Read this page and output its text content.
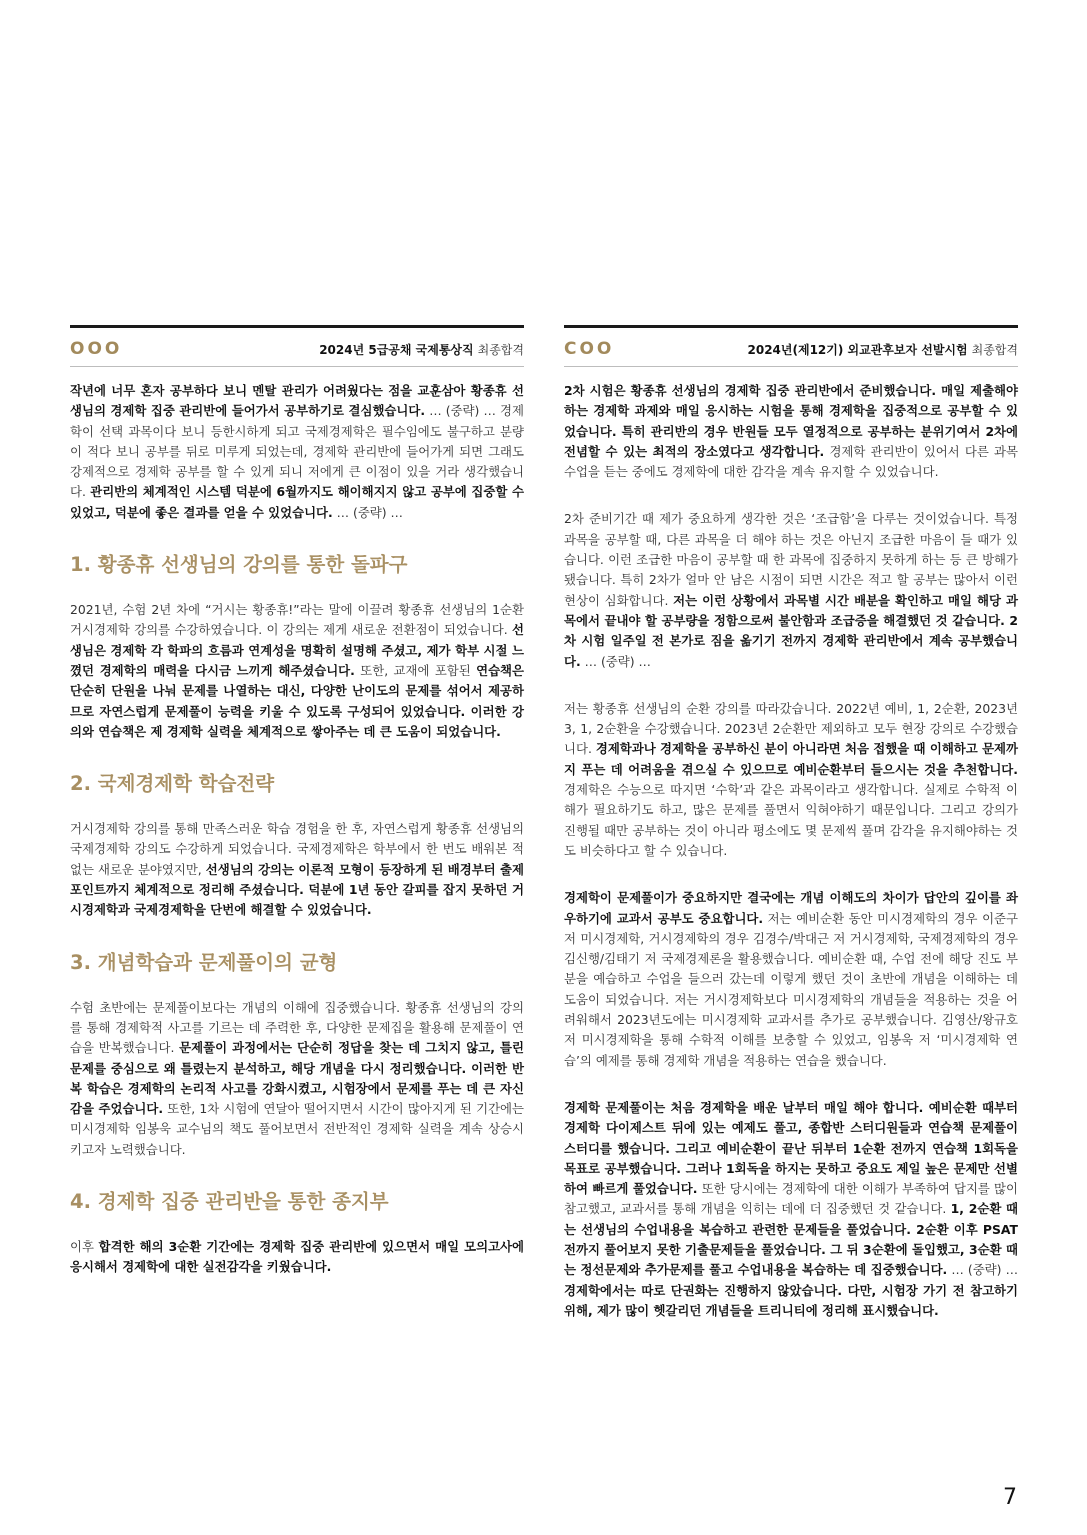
OOO	2024년 5급공채 국제통상직 최종합격

작년에 너무 혼자 공부하다 보니 멘탈 관리가 어려웠다는 점을 교훈삼아 황종휴 선생님의 경제학 집중 관리반에 들어가서 공부하기로 결심했습니다. … (중략) … 경제학이 선택 과목이다 보니 등한시하게 되고 국제경제학은 필수임에도 불구하고 분량이 적다 보니 공부를 뒤로 미루게 되었는데, 경제학 관리반에 들어가게 되면 그래도 강제적으로 경제학 공부를 할 수 있게 되니 저에게 큰 이점이 있을 거라 생각했습니다. 관리반의 체계적인 시스템 덕분에 6월까지도 해이해지지 않고 공부에 집중할 수 있었고, 덕분에 좋은 결과를 얻을 수 있었습니다. … (중략) …

1. 황종휴 선생님의 강의를 통한 돌파구

2021년, 수험 2년 차에 “거시는 황종휴!”라는 말에 이끌려 황종휴 선생님의 1순환 거시경제학 강의를 수강하였습니다. 이 강의는 제게 새로운 전환점이 되었습니다. 선생님은 경제학 각 학파의 흐름과 연계성을 명확히 설명해 주셨고, 제가 학부 시절 느꼈던 경제학의 매력을 다시금 느끼게 해주셨습니다. 또한, 교재에 포함된 연습책은 단순히 단원을 나눠 문제를 나열하는 대신, 다양한 난이도의 문제를 섞어서 제공하므로 자연스럽게 문제풀이 능력을 키울 수 있도록 구성되어 있었습니다. 이러한 강의와 연습책은 제 경제학 실력을 체계적으로 쌓아주는 데 큰 도움이 되었습니다.

2. 국제경제학 학습전략

거시경제학 강의를 통해 만족스러운 학습 경험을 한 후, 자연스럽게 황종휴 선생님의 국제경제학 강의도 수강하게 되었습니다. 국제경제학은 학부에서 한 번도 배워본 적 없는 새로운 분야였지만, 선생님의 강의는 이론적 모형이 등장하게 된 배경부터 출제 포인트까지 체계적으로 정리해 주셨습니다. 덕분에 1년 동안 갈피를 잡지 못하던 거시경제학과 국제경제학을 단번에 해결할 수 있었습니다.

3. 개념학습과 문제풀이의 균형

수험 초반에는 문제풀이보다는 개념의 이해에 집중했습니다. 황종휴 선생님의 강의를 통해 경제학적 사고를 기르는 데 주력한 후, 다양한 문제집을 활용해 문제풀이 연습을 반복했습니다. 문제풀이 과정에서는 단순히 정답을 찾는 데 그치지 않고, 틀린 문제를 중심으로 왜 틀렸는지 분석하고, 해당 개념을 다시 정리했습니다. 이러한 반복 학습은 경제학의 논리적 사고를 강화시켰고, 시험장에서 문제를 푸는 데 큰 자신감을 주었습니다. 또한, 1차 시험에 연달아 떨어지면서 시간이 많아지게 된 기간에는 미시경제학 임봉욱 교수님의 책도 풀어보면서 전반적인 경제학 실력을 계속 상승시키고자 노력했습니다.

4. 경제학 집중 관리반을 통한 종지부

이후 합격한 해의 3순환 기간에는 경제학 집중 관리반에 있으면서 매일 모의고사에 응시해서 경제학에 대한 실전감각을 키웠습니다.

COO	2024년(제12기) 외교관후보자 선발시험 최종합격

2차 시험은 황종휴 선생님의 경제학 집중 관리반에서 준비했습니다. 매일 제출해야 하는 경제학 과제와 매일 응시하는 시험을 통해 경제학을 집중적으로 공부할 수 있었습니다. 특히 관리반의 경우 반원들 모두 열정적으로 공부하는 분위기여서 2차에 전념할 수 있는 최적의 장소였다고 생각합니다. 경제학 관리반이 있어서 다른 과목 수업을 듣는 중에도 경제학에 대한 감각을 계속 유지할 수 있었습니다.

2차 준비기간 때 제가 중요하게 생각한 것은 ‘조급함’을 다루는 것이었습니다. 특정 과목을 공부할 때, 다른 과목을 더 해야 하는 것은 아닌지 조급한 마음이 들 때가 있습니다. 이런 조급한 마음이 공부할 때 한 과목에 집중하지 못하게 하는 등 큰 방해가 됐습니다. 특히 2차가 얼마 안 남은 시점이 되면 시간은 적고 할 공부는 많아서 이런 현상이 심화합니다. 저는 이런 상황에서 과목별 시간 배분을 확인하고 매일 해당 과목에서 끝내야 할 공부량을 정함으로써 불안함과 조급증을 해결했던 것 같습니다. 2차 시험 일주일 전 본가로 짐을 옮기기 전까지 경제학 관리반에서 계속 공부했습니다. … (중략) …

저는 황종휴 선생님의 순환 강의를 따라갔습니다. 2022년 예비, 1, 2순환, 2023년 3, 1, 2순환을 수강했습니다. 2023년 2순환만 제외하고 모두 현장 강의로 수강했습니다. 경제학과나 경제학을 공부하신 분이 아니라면 처음 접했을 때 이해하고 문제까지 푸는 데 어려움을 겪으실 수 있으므로 예비순환부터 들으시는 것을 추천합니다. 경제학은 수능으로 따지면 ‘수학’과 같은 과목이라고 생각합니다. 실제로 수학적 이해가 필요하기도 하고, 많은 문제를 풀면서 익혀야하기 때문입니다. 그리고 강의가 진행될 때만 공부하는 것이 아니라 평소에도 몇 문제씩 풀며 감각을 유지해야하는 것도 비슷하다고 할 수 있습니다.

경제학이 문제풀이가 중요하지만 결국에는 개념 이해도의 차이가 답안의 깊이를 좌우하기에 교과서 공부도 중요합니다. 저는 예비순환 동안 미시경제학의 경우 이준구 저 미시경제학, 거시경제학의 경우 김경수/박대근 저 거시경제학, 국제경제학의 경우 김신행/김태기 저 국제경제론을 활용했습니다. 예비순환 때, 수업 전에 해당 진도 부분을 예습하고 수업을 들으러 갔는데 이렇게 했던 것이 초반에 개념을 이해하는 데 도움이 되었습니다. 저는 거시경제학보다 미시경제학의 개념들을 적용하는 것을 어려워해서 2023년도에는 미시경제학 교과서를 추가로 공부했습니다. 김영산/왕규호 저 미시경제학을 통해 수학적 이해를 보충할 수 있었고, 임봉욱 저 ‘미시경제학 연습’의 예제를 통해 경제학 개념을 적용하는 연습을 했습니다.

경제학 문제풀이는 처음 경제학을 배운 날부터 매일 해야 합니다. 예비순환 때부터 경제학 다이제스트 뒤에 있는 예제도 풀고, 종합반 스터디원들과 연습책 문제풀이 스터디를 했습니다. 그리고 예비순환이 끝난 뒤부터 1순환 전까지 연습책 1회독을 목표로 공부했습니다. 그러나 1회독을 하지는 못하고 중요도 제일 높은 문제만 선별하여 빠르게 풀었습니다. 또한 당시에는 경제학에 대한 이해가 부족하여 답지를 많이 참고했고, 교과서를 통해 개념을 익히는 데에 더 집중했던 것 같습니다. 1, 2순환 때는 선생님의 수업내용을 복습하고 관련한 문제들을 풀었습니다. 2순환 이후 PSAT 전까지 풀어보지 못한 기출문제들을 풀었습니다. 그 뒤 3순환에 돌입했고, 3순환 때는 정선문제와 추가문제를 풀고 수업내용을 복습하는 데 집중했습니다. … (중략) … 경제학에서는 따로 단권화는 진행하지 않았습니다. 다만, 시험장 가기 전 참고하기 위해, 제가 많이 헷갈리던 개념들을 트리니티에 정리해 표시했습니다.

7
